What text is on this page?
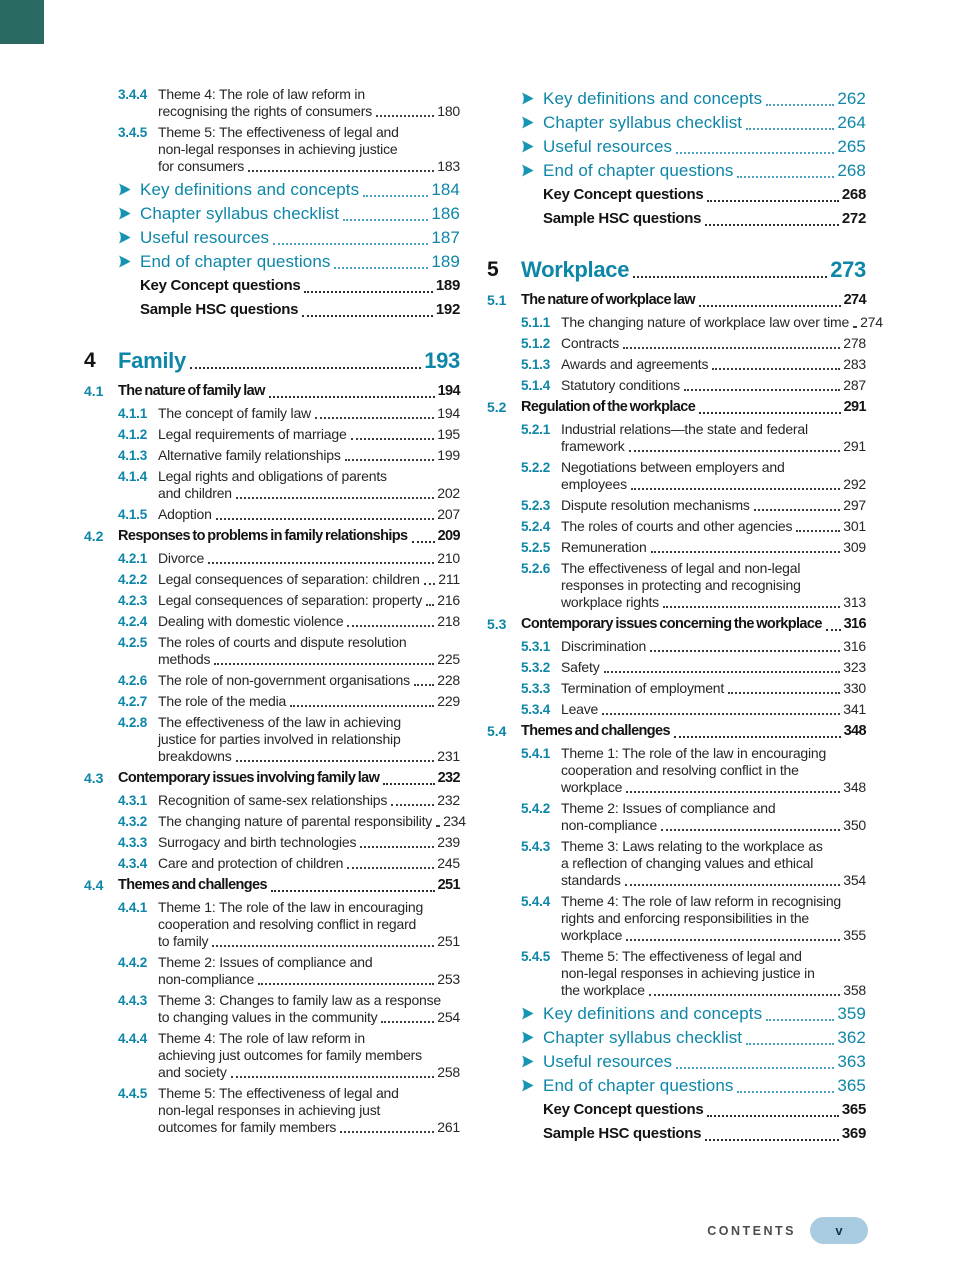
3.4.4 Theme 4: The role of law reform in
recognising the rights of consumers	180
3.4.5 Theme 5: The effectiveness of legal and
non-legal responses in achieving justice
for consumers	183
Key definitions and concepts	184
Chapter syllabus checklist	186
Useful resources	187
End of chapter questions	189
Key Concept questions	189
Sample HSC questions	192
4	Family	193
4.1	The nature of family law	194
4.1.1 The concept of family law	194
4.1.2 Legal requirements of marriage	195
4.1.3 Alternative family relationships	199
4.1.4 Legal rights and obligations of parents
and children	202
4.1.5 Adoption	207
4.2	Responses to problems in family relationships 209
4.2.1 Divorce	210
4.2.2 Legal consequences of separation: children 211
4.2.3 Legal consequences of separation: property 216
4.2.4 Dealing with domestic violence	218
4.2.5 The roles of courts and dispute resolution
methods	225
4.2.6 The role of non-government organisations 228
4.2.7 The role of the media	229
4.2.8 The effectiveness of the law in achieving
justice for parties involved in relationship
breakdowns	231
4.3	Contemporary issues involving family law	232
4.3.1 Recognition of same-sex relationships	232
4.3.2 The changing nature of parental responsibility 234
4.3.3 Surrogacy and birth technologies	239
4.3.4 Care and protection of children	245
4.4	Themes and challenges	251
4.4.1 Theme 1: The role of the law in encouraging
cooperation and resolving conflict in regard
to family	251
4.4.2 Theme 2: Issues of compliance and
non-compliance	253
4.4.3 Theme 3: Changes to family law as a response
to changing values in the community	254
4.4.4 Theme 4: The role of law reform in
achieving just outcomes for family members
and society	258
4.4.5 Theme 5: The effectiveness of legal and
non-legal responses in achieving just
outcomes for family members	261
Key definitions and concepts	262
Chapter syllabus checklist	264
Useful resources	265
End of chapter questions	268
Key Concept questions	268
Sample HSC questions	272
5	Workplace	273
5.1	The nature of workplace law	274
5.1.1 The changing nature of workplace law over time 274
5.1.2 Contracts	278
5.1.3 Awards and agreements	283
5.1.4 Statutory conditions	287
5.2	Regulation of the workplace	291
5.2.1 Industrial relations—the state and federal
framework	291
5.2.2 Negotiations between employers and
employees	292
5.2.3 Dispute resolution mechanisms	297
5.2.4 The roles of courts and other agencies	301
5.2.5 Remuneration	309
5.2.6 The effectiveness of legal and non-legal
responses in protecting and recognising
workplace rights	313
5.3	Contemporary issues concerning the workplace 316
5.3.1 Discrimination	316
5.3.2 Safety	323
5.3.3 Termination of employment	330
5.3.4 Leave	341
5.4	Themes and challenges	348
5.4.1 Theme 1: The role of the law in encouraging
cooperation and resolving conflict in the
workplace	348
5.4.2 Theme 2: Issues of compliance and
non-compliance	350
5.4.3 Theme 3: Laws relating to the workplace as
a reflection of changing values and ethical
standards	354
5.4.4 Theme 4: The role of law reform in recognising
rights and enforcing responsibilities in the
workplace	355
5.4.5 Theme 5: The effectiveness of legal and
non-legal responses in achieving justice in
the workplace	358
Key definitions and concepts	359
Chapter syllabus checklist	362
Useful resources	363
End of chapter questions	365
Key Concept questions	365
Sample HSC questions	369
CONTENTS	v
